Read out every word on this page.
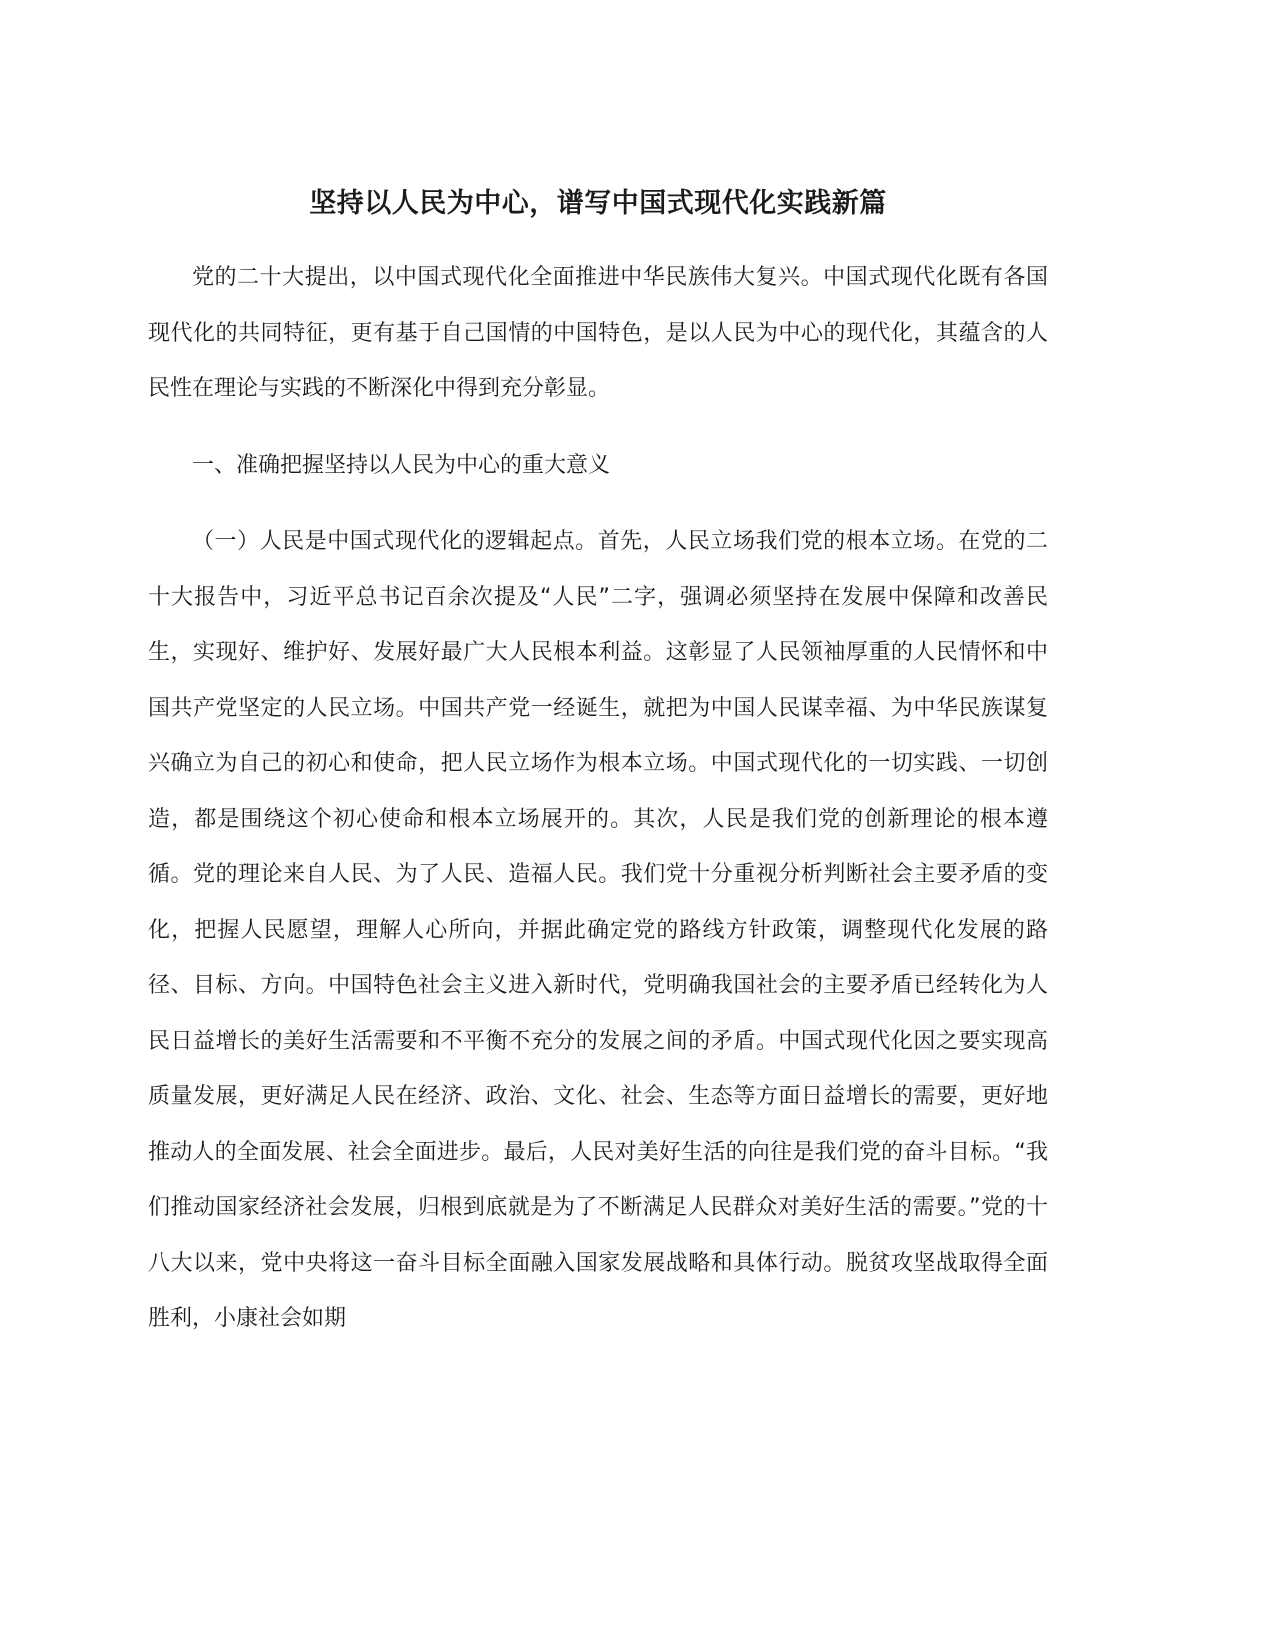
坚持以人民为中心，谱写中国式现代化实践新篇

党的二十大提出，以中国式现代化全面推进中华民族伟大复兴。中国式现代化既有各国现代化的共同特征，更有基于自己国情的中国特色，是以人民为中心的现代化，其蕴含的人民性在理论与实践的不断深化中得到充分彰显。

一、准确把握坚持以人民为中心的重大意义

（一）人民是中国式现代化的逻辑起点。首先，人民立场我们党的根本立场。在党的二十大报告中，习近平总书记百余次提及“人民”二字，强调必须坚持在发展中保障和改善民生，实现好、维护好、发展好最广大人民根本利益。这彰显了人民领袖厚重的人民情怀和中国共产党坚定的人民立场。中国共产党一经诞生，就把为中国人民谋幸福、为中华民族谋复兴确立为自己的初心和使命，把人民立场作为根本立场。中国式现代化的一切实践、一切创造，都是围绕这个初心使命和根本立场展开的。其次，人民是我们党的创新理论的根本遵循。党的理论来自人民、为了人民、造福人民。我们党十分重视分析判断社会主要矛盾的变化，把握人民愿望，理解人心所向，并据此确定党的路线方针政策，调整现代化发展的路径、目标、方向。中国特色社会主义进入新时代，党明确我国社会的主要矛盾已经转化为人民日益增长的美好生活需要和不平衡不充分的发展之间的矛盾。中国式现代化因之要实现高质量发展，更好满足人民在经济、政治、文化、社会、生态等方面日益增长的需要，更好地推动人的全面发展、社会全面进步。最后，人民对美好生活的向往是我们党的奋斗目标。“我们推动国家经济社会发展，归根到底就是为了不断满足人民群众对美好生活的需要。”党的十八大以来，党中央将这一奋斗目标全面融入国家发展战略和具体行动。脱贫攻坚战取得全面胜利，小康社会如期
